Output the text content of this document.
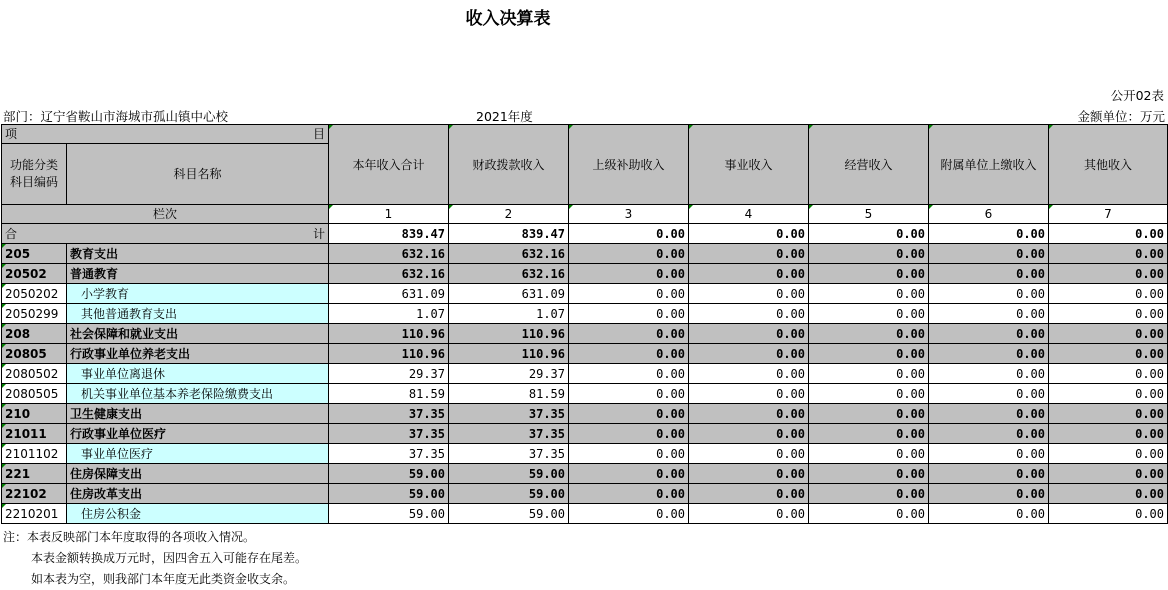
收入决算表
公开02表
部门：辽宁省鞍山市海城市孤山镇中心校	2021年度	金额单位：万元
项 目		本年收入合计	财政拨款收入	上级补助收入	事业收入	经营收入	附属单位上缴收入	其他收入
功能分类
科目编码	科目名称							
栏次		1	2	3	4	5	6	7

合 计		839.47	839.47	0.00	0.00	0.00	0.00	0.00
205	教育支出	632.16	632.16	0.00	0.00	0.00	0.00	0.00
20502	普通教育	632.16	632.16	0.00	0.00	0.00	0.00	0.00
2050202	小学教育	631.09	631.09	0.00	0.00	0.00	0.00	0.00
2050299	其他普通教育支出	1.07	1.07	0.00	0.00	0.00	0.00	0.00
208	社会保障和就业支出	110.96	110.96	0.00	0.00	0.00	0.00	0.00
20805	行政事业单位养老支出	110.96	110.96	0.00	0.00	0.00	0.00	0.00
2080502	事业单位离退休	29.37	29.37	0.00	0.00	0.00	0.00	0.00
2080505	机关事业单位基本养老保险缴费支出	81.59	81.59	0.00	0.00	0.00	0.00	0.00
210	卫生健康支出	37.35	37.35	0.00	0.00	0.00	0.00	0.00
21011	行政事业单位医疗	37.35	37.35	0.00	0.00	0.00	0.00	0.00
2101102	事业单位医疗	37.35	37.35	0.00	0.00	0.00	0.00	0.00
221	住房保障支出	59.00	59.00	0.00	0.00	0.00	0.00	0.00
22102	住房改革支出	59.00	59.00	0.00	0.00	0.00	0.00	0.00
2210201	住房公积金	59.00	59.00	0.00	0.00	0.00	0.00	0.00
注：本表反映部门本年度取得的各项收入情况。
本表金额转换成万元时，因四舍五入可能存在尾差。
如本表为空，则我部门本年度无此类资金收支余。
